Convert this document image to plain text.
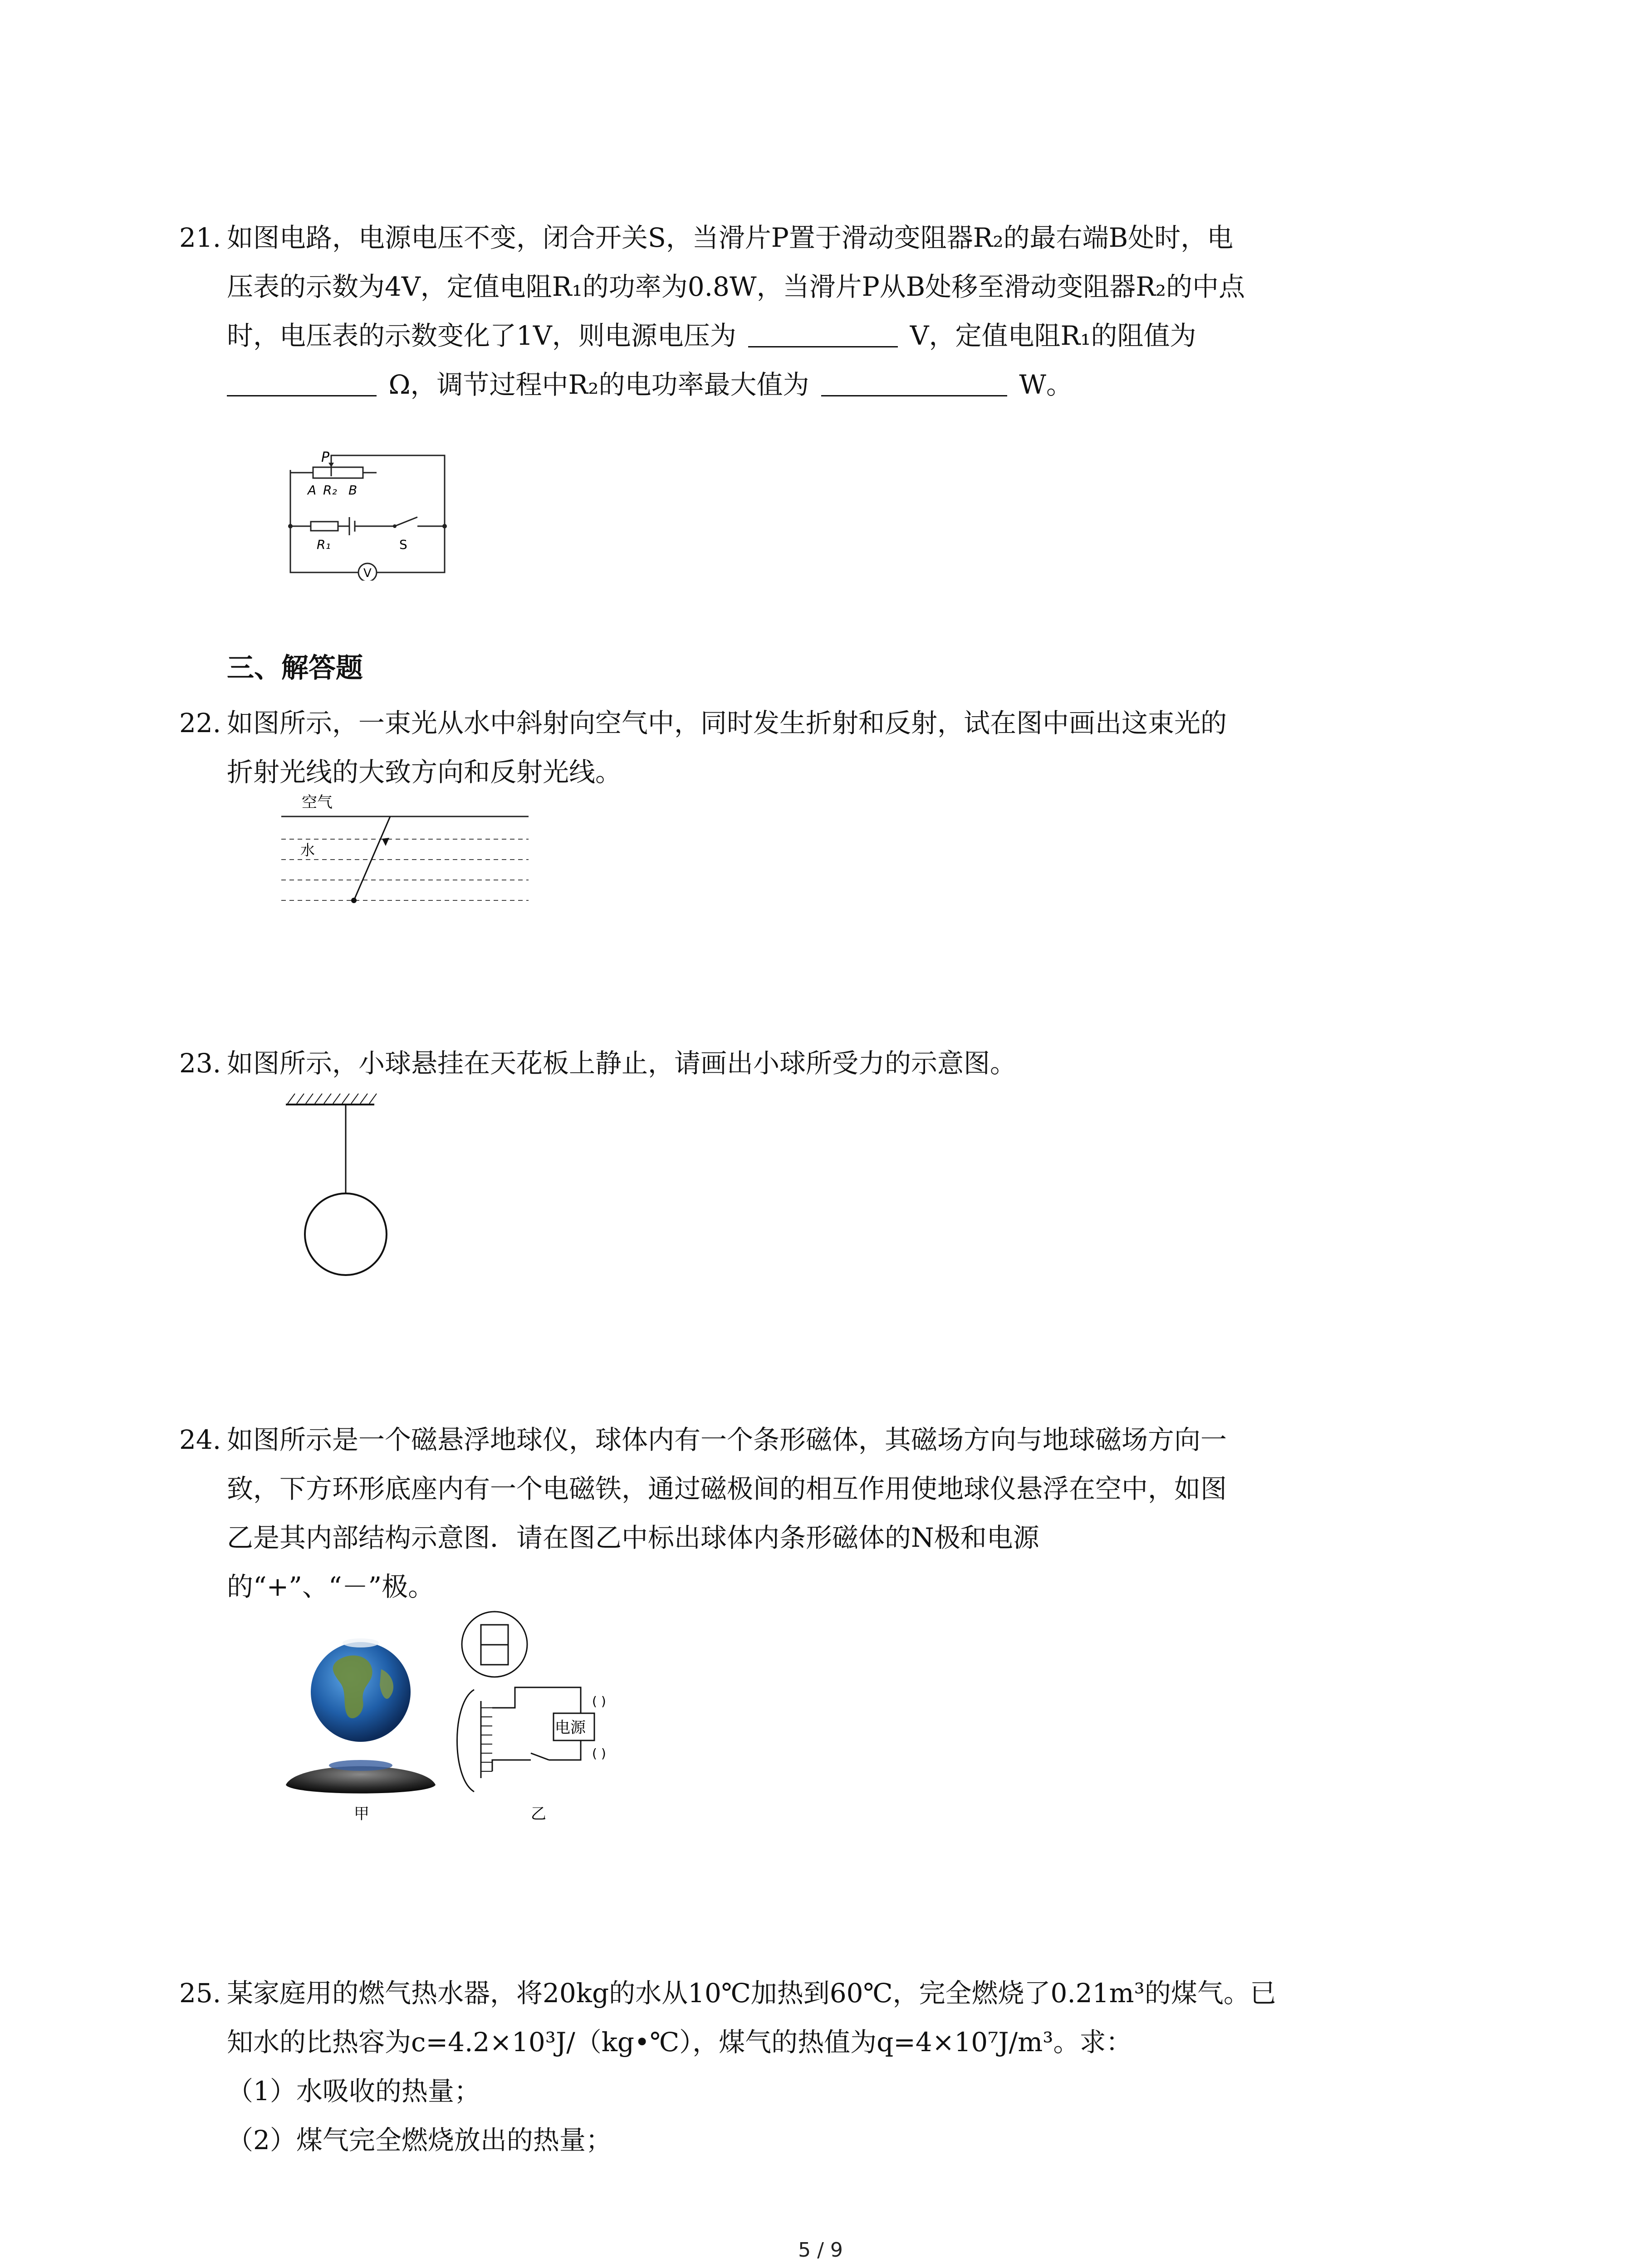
21. 如图电路，电源电压不变，闭合开关S，当滑片P置于滑动变阻器R₂的最右端B处时，电
压表的示数为4V，定值电阻R₁的功率为0.8W，当滑片P从B处移至滑动变阻器R₂的中点
时，电压表的示数变化了1V，则电源电压为	V，定值电阻R₁的阻值为
Ω，调节过程中R₂的电功率最大值为	W。
P
A R₂ B
R₁	S
V
三、解答题
22. 如图所示，一束光从水中斜射向空气中，同时发生折射和反射，试在图中画出这束光的
折射光线的大致方向和反射光线。
空气
水
23. 如图所示，小球悬挂在天花板上静止，请画出小球所受力的示意图。
24. 如图所示是一个磁悬浮地球仪，球体内有一个条形磁体，其磁场方向与地球磁场方向一
致，下方环形底座内有一个电磁铁，通过磁极间的相互作用使地球仪悬浮在空中，如图
乙是其内部结构示意图．请在图乙中标出球体内条形磁体的N极和电源
的“+”、“－”极。
甲
电源
( )
( )
乙
25. 某家庭用的燃气热水器，将20kg的水从10℃加热到60℃，完全燃烧了0.21m³的煤气。已
知水的比热容为c=4.2×10³J/（kg•℃），煤气的热值为q=4×10⁷J/m³。求：
（1）水吸收的热量；
（2）煤气完全燃烧放出的热量；
5 / 9
